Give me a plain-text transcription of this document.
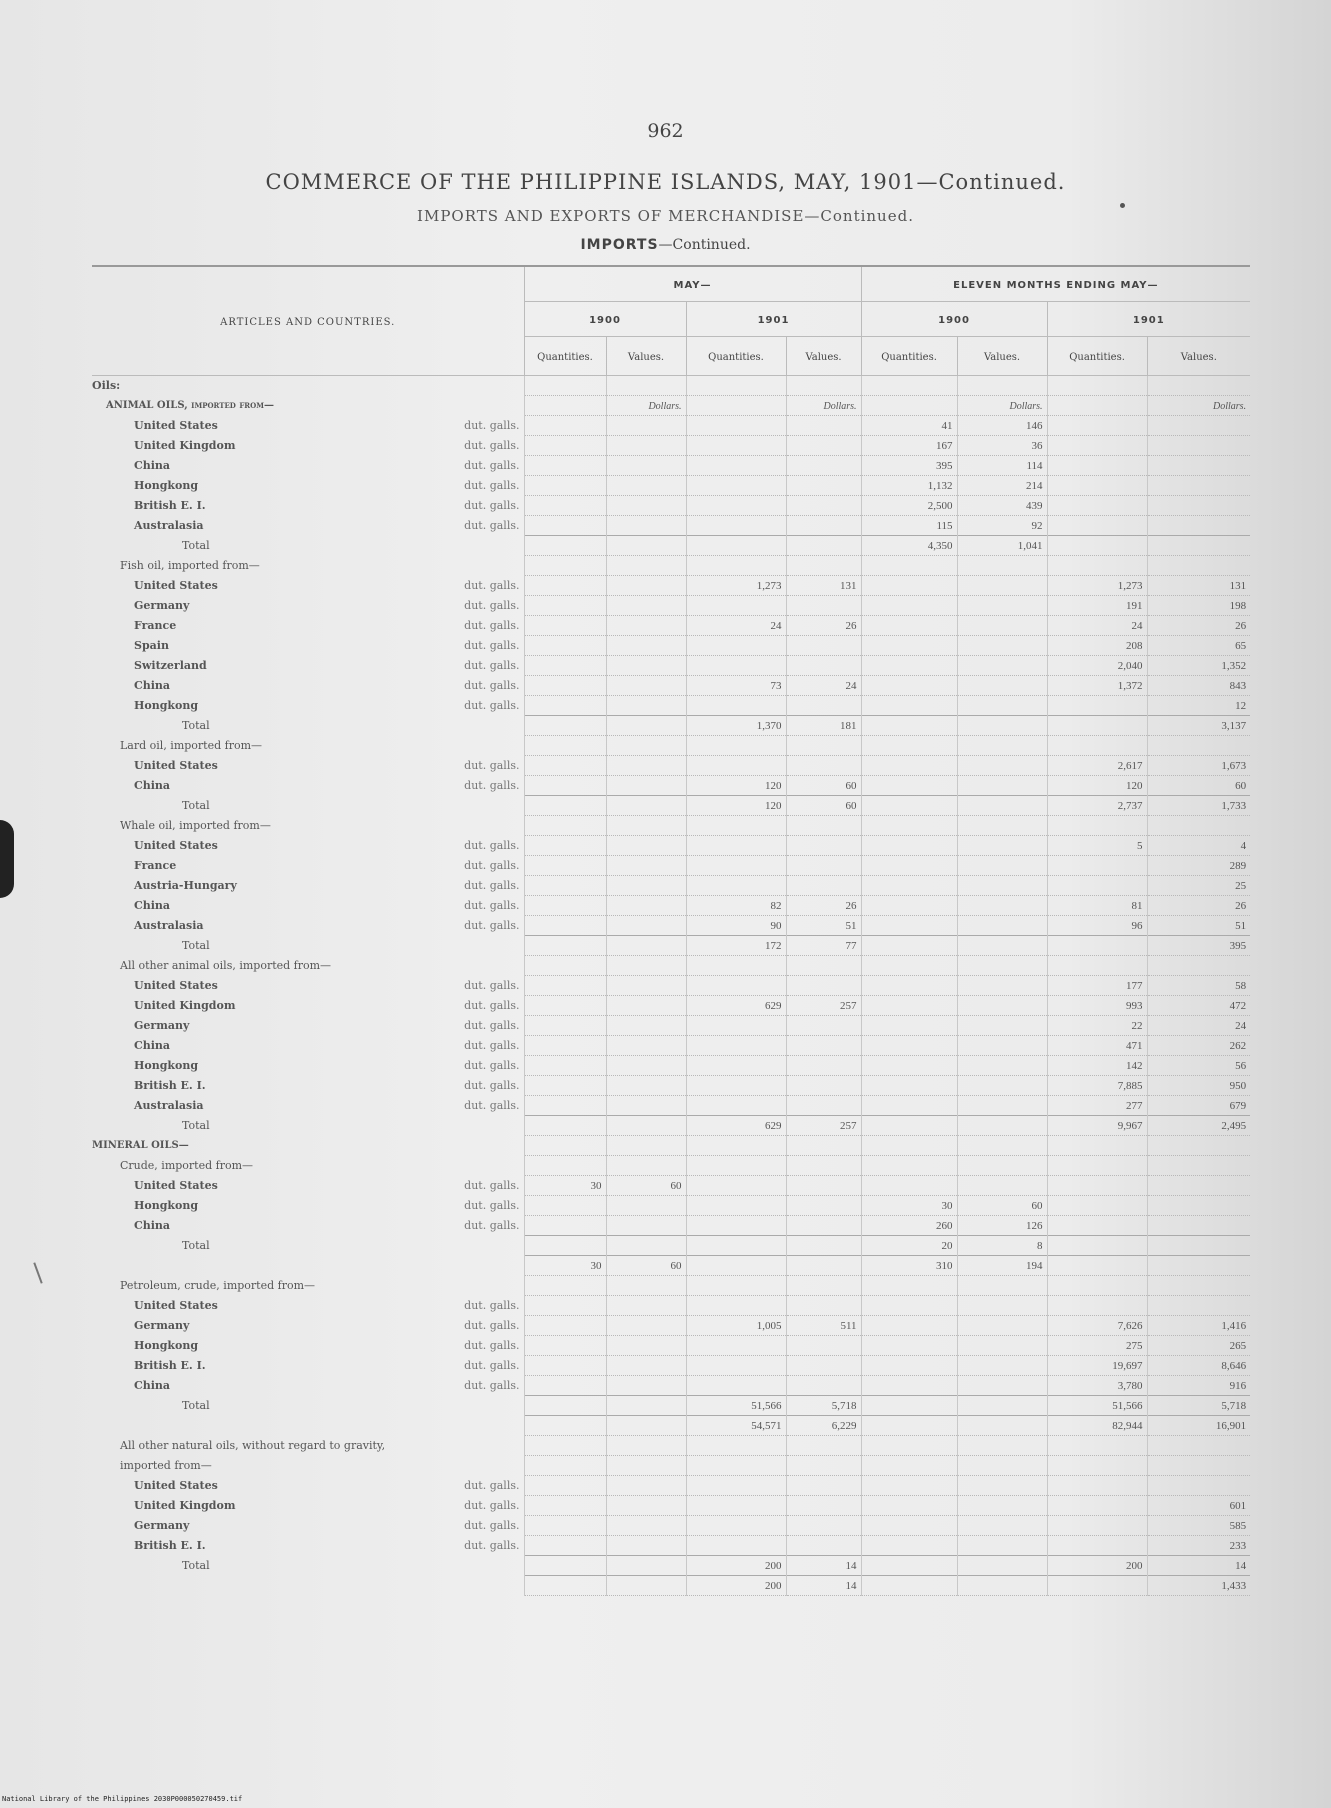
962
COMMERCE OF THE PHILIPPINE ISLANDS, MAY, 1901—Continued.
IMPORTS AND EXPORTS OF MERCHANDISE—Continued.
IMPORTS—Continued.
ARTICLES AND COUNTRIES.	MAY—				ELEVEN MONTHS ENDING MAY—			
	1900		1901		1900		1901	
	Quantities.	Values.	Quantities.	Values.	Quantities.	Values.	Quantities.	Values.
Oils:								
ANIMAL OILS, imported from—		Dollars.		Dollars.		Dollars.		Dollars.
United States dut. galls.					41	146		
United Kingdom dut. galls.					167	36		
China dut. galls.					395	114		
Hongkong dut. galls.					1,132	214		
British E. I. dut. galls.					2,500	439		
Australasia dut. galls.					115	92		
Total					4,350	1,041		
Fish oil, imported from—								
United States dut. galls.			1,273	131			1,273	131
Germany dut. galls.							191	198
France dut. galls.			24	26			24	26
Spain dut. galls.							208	65
Switzerland dut. galls.							2,040	1,352
China dut. galls.			73	24			1,372	843
Hongkong dut. galls.								12
Total			1,370	181				3,137
Lard oil, imported from—								
United States dut. galls.							2,617	1,673
China dut. galls.			120	60			120	60
Total			120	60			2,737	1,733
Whale oil, imported from—								
United States dut. galls.							5	4
France dut. galls.								289
Austria-Hungary dut. galls.								25
China dut. galls.			82	26			81	26
Australasia dut. galls.			90	51			96	51
Total			172	77				395
All other animal oils, imported from—								
United States dut. galls.							177	58
United Kingdom dut. galls.			629	257			993	472
Germany dut. galls.							22	24
China dut. galls.							471	262
Hongkong dut. galls.							142	56
British E. I. dut. galls.							7,885	950
Australasia dut. galls.							277	679
Total			629	257			9,967	2,495
MINERAL OILS—								
Crude, imported from—								
United States dut. galls.	30	60						
Hongkong dut. galls.					30	60		
China dut. galls.					260	126		
Total					20	8		
	30	60			310	194		
Petroleum, crude, imported from—								
United States dut. galls.								

Germany dut. galls.			1,005	511			7,626	1,416
Hongkong dut. galls.							275	265
British E. I. dut. galls.							19,697	8,646
China dut. galls.							3,780	916
Total			51,566	5,718			51,566	5,718
			54,571	6,229			82,944	16,901
All other natural oils, without regard to gravity,								
imported from—								
United States dut. galls.								

United Kingdom dut. galls.								601
Germany dut. galls.								585
British E. I. dut. galls.								233
Total			200	14			200	14
			200	14				1,433
National Library of the Philippines 2030P000050270459.tif
